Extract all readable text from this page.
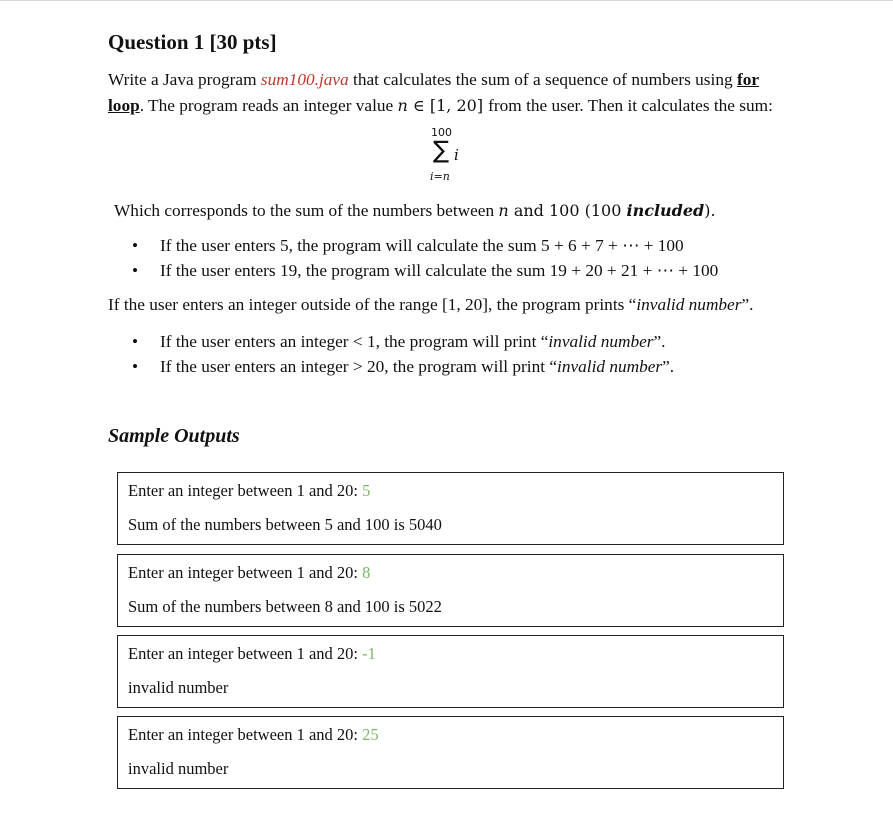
Question 1 [30 pts]
Write a Java program sum100.java that calculates the sum of a sequence of numbers using for
loop. The program reads an integer value n ∈ [1, 20] from the user. Then it calculates the sum:
100
∑ i
i=n
Which corresponds to the sum of the numbers between n and 100 (100 included).
• If the user enters 5, the program will calculate the sum 5 + 6 + 7 + ⋯ + 100
• If the user enters 19, the program will calculate the sum 19 + 20 + 21 + ⋯ + 100
If the user enters an integer outside of the range [1, 20], the program prints “invalid number”.
• If the user enters an integer < 1, the program will print “invalid number”.
• If the user enters an integer > 20, the program will print “invalid number”.
Sample Outputs
Enter an integer between 1 and 20: 5
Sum of the numbers between 5 and 100 is 5040
Enter an integer between 1 and 20: 8
Sum of the numbers between 8 and 100 is 5022
Enter an integer between 1 and 20: -1
invalid number
Enter an integer between 1 and 20: 25
invalid number
